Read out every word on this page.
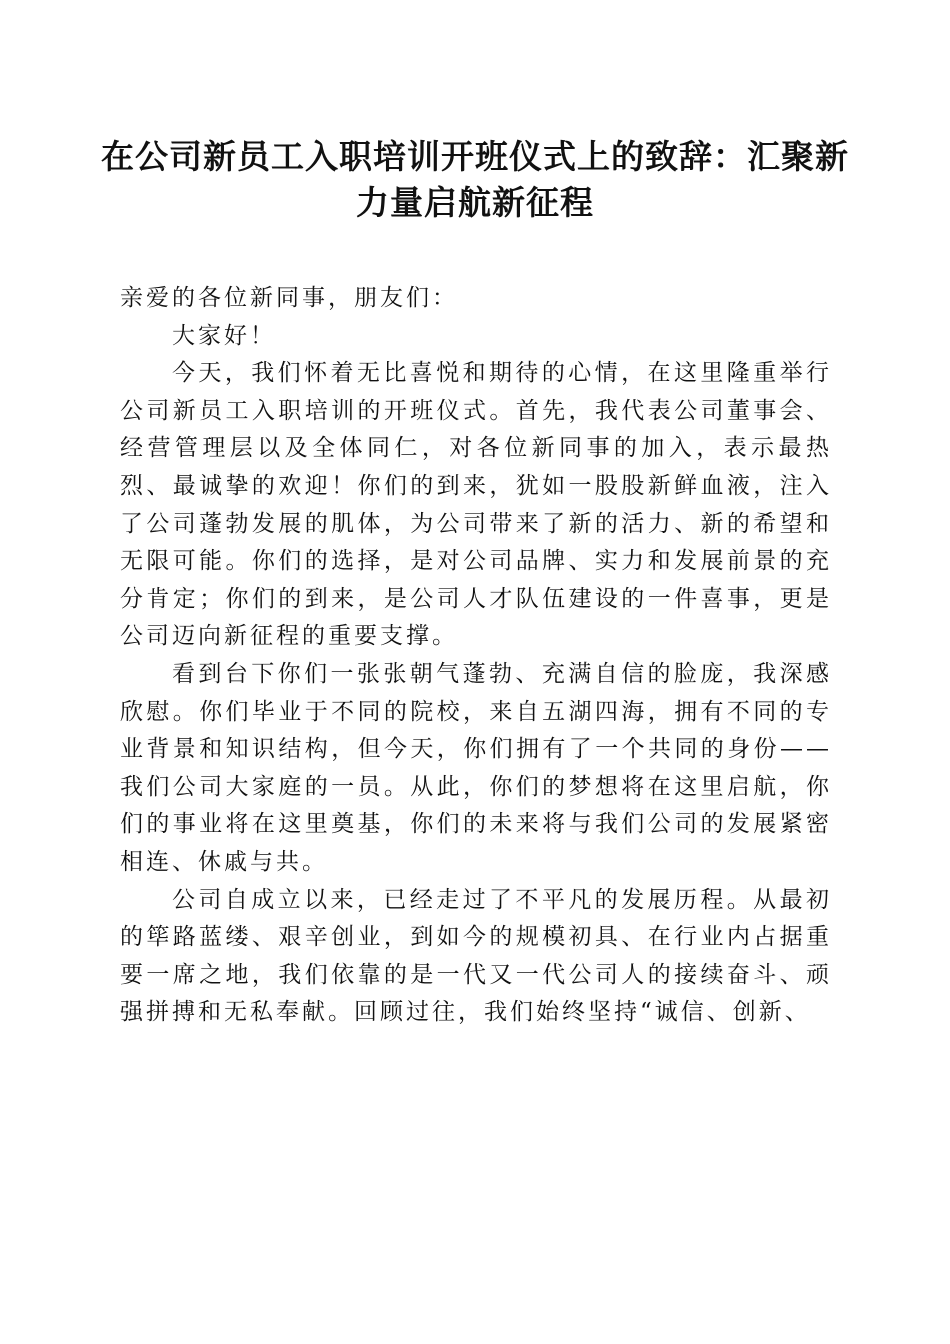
在公司新员工入职培训开班仪式上的致辞：汇聚新力量启航新征程

亲爱的各位新同事，朋友们：

大家好！

今天，我们怀着无比喜悦和期待的心情，在这里隆重举行公司新员工入职培训的开班仪式。首先，我代表公司董事会、经营管理层以及全体同仁，对各位新同事的加入，表示最热烈、最诚挚的欢迎！你们的到来，犹如一股股新鲜血液，注入了公司蓬勃发展的肌体，为公司带来了新的活力、新的希望和无限可能。你们的选择，是对公司品牌、实力和发展前景的充分肯定；你们的到来，是公司人才队伍建设的一件喜事，更是公司迈向新征程的重要支撑。

看到台下你们一张张朝气蓬勃、充满自信的脸庞，我深感欣慰。你们毕业于不同的院校，来自五湖四海，拥有不同的专业背景和知识结构，但今天，你们拥有了一个共同的身份——我们公司大家庭的一员。从此，你们的梦想将在这里启航，你们的事业将在这里奠基，你们的未来将与我们公司的发展紧密相连、休戚与共。

公司自成立以来，已经走过了不平凡的发展历程。从最初的筚路蓝缕、艰辛创业，到如今的规模初具、在行业内占据重要一席之地，我们依靠的是一代又一代公司人的接续奋斗、顽强拼搏和无私奉献。回顾过往，我们始终坚持“诚信、创新、
